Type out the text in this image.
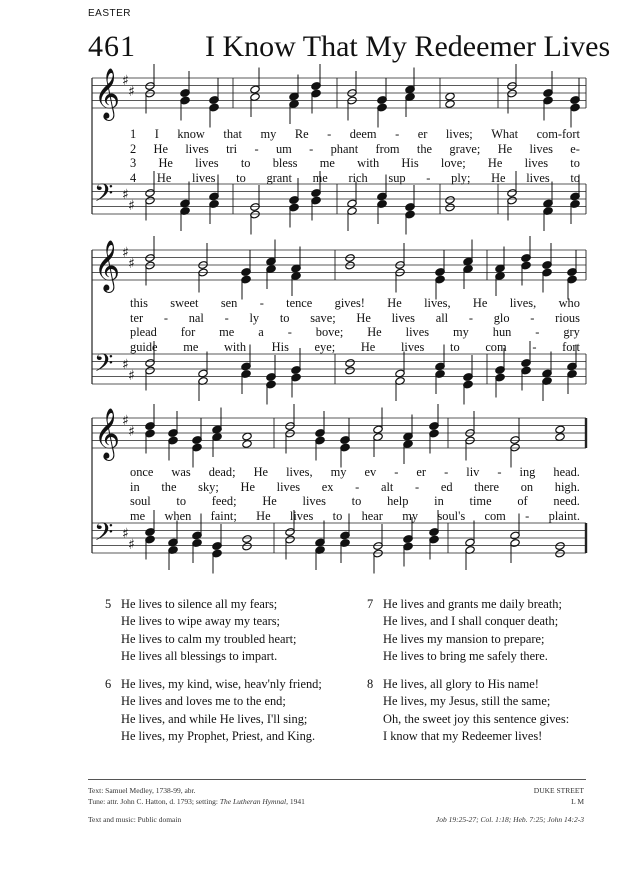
EASTER
461 I Know That My Redeemer Lives
𝄞 ♯
♯
𝄢 ♯
♯
𝄞 ♯
♯
𝄢 ♯
♯
𝄞 ♯
♯
𝄢 ♯
♯
1 I know that my Re - deem - er lives; What com-fort
2 He lives tri - um - phant from the grave; He lives e-
3 He lives to bless me with His love; He lives to
4 He lives to grant me rich sup - ply; He lives to
this sweet sen - tence gives! He lives, He lives, who
ter - nal - ly to save; He lives all - glo - rious
plead for me a - bove; He lives my hun - gry
guide me with His eye; He lives to com - fort
once was dead; He lives, my ev - er - liv - ing head.
in the sky; He lives ex - alt - ed there on high.
soul to feed; He lives to help in time of need.
me when faint; He lives to hear my soul's com - plaint.
5 He lives to silence all my fears;
He lives to wipe away my tears;
He lives to calm my troubled heart;
He lives all blessings to impart.
6 He lives, my kind, wise, heav'nly friend;
He lives and loves me to the end;
He lives, and while He lives, I'll sing;
He lives, my Prophet, Priest, and King.
7 He lives and grants me daily breath;
He lives, and I shall conquer death;
He lives my mansion to prepare;
He lives to bring me safely there.
8 He lives, all glory to His name!
He lives, my Jesus, still the same;
Oh, the sweet joy this sentence gives:
I know that my Redeemer lives!
Text: Samuel Medley, 1738-99, abr.
Tune: attr. John C. Hatton, d. 1793; setting: The Lutheran Hymnal, 1941
Text and music: Public domain
DUKE STREET
L M
Job 19:25-27; Col. 1:18; Heb. 7:25; John 14:2-3
